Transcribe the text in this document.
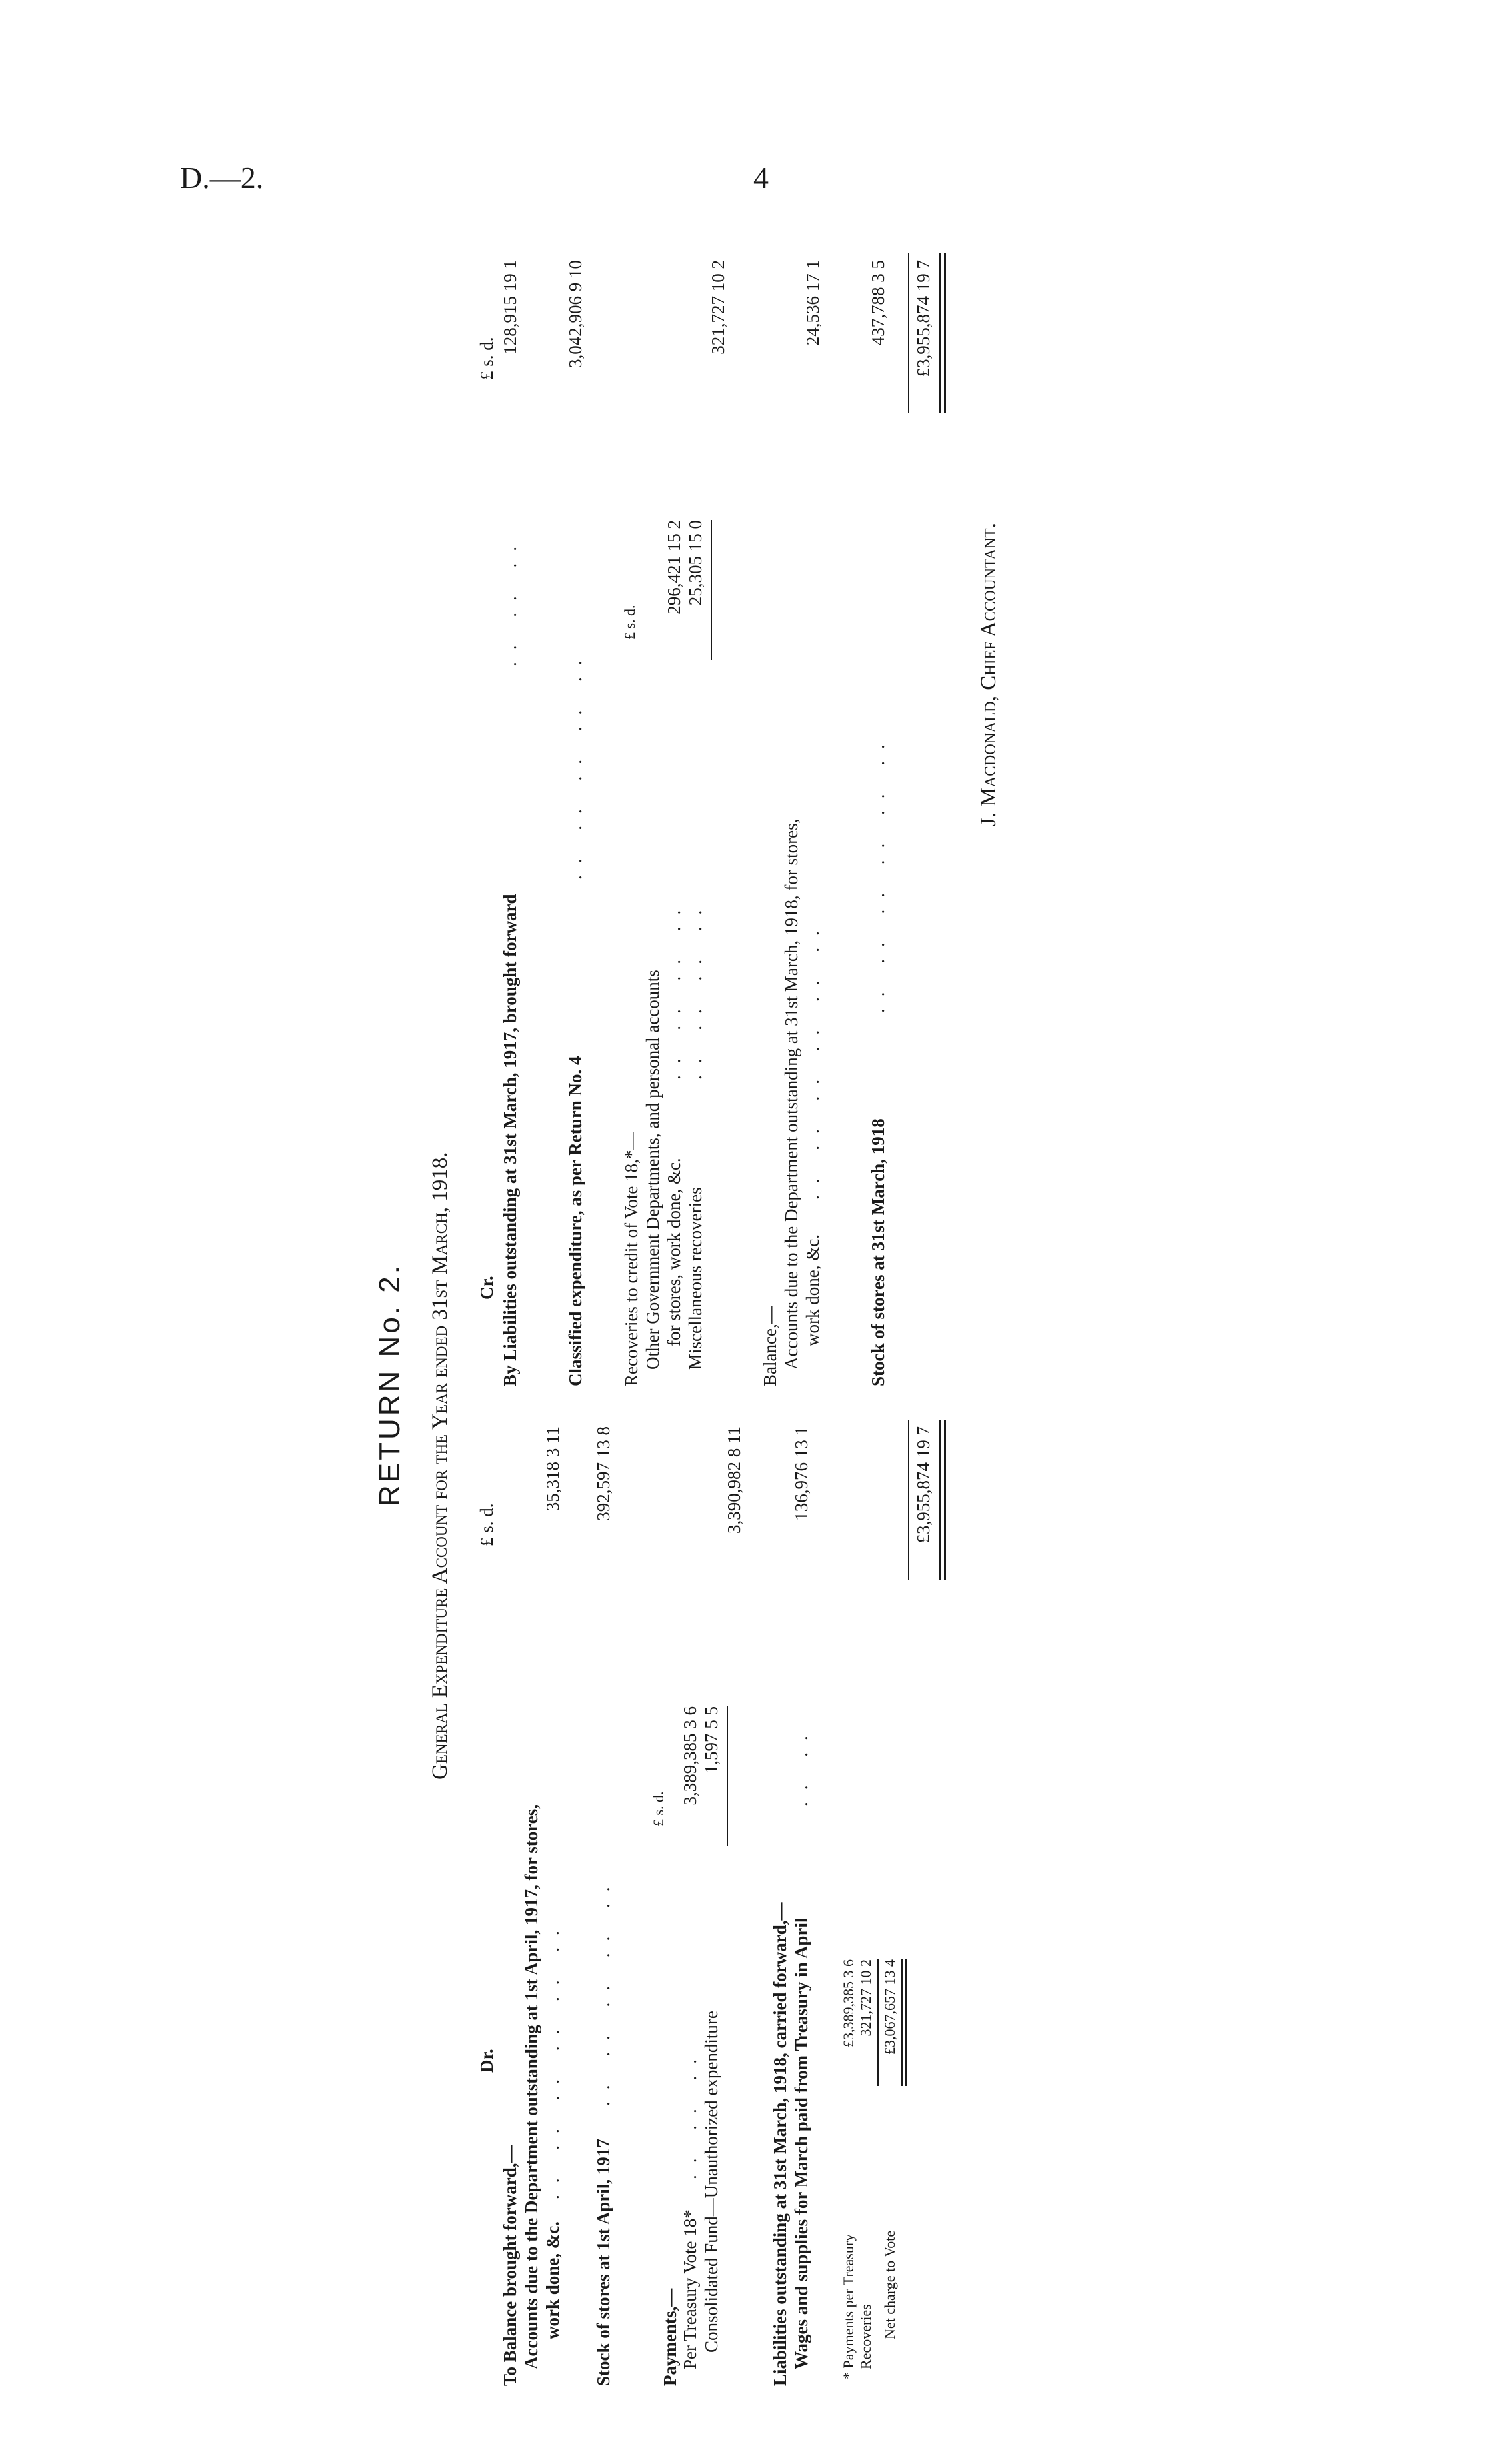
D.—2.	4
RETURN No. 2. General Expenditure Account for the Year ended 31st March, 1918.
Dr.
£ s. d.
To Balance brought forward,— Accounts due to the Department outstanding at 1st April, 1917, for stores, work done, &c.
.. .. .. .. .. ..
35,318 3 11
Stock of stores at 1st April, 1917
.. .. .. .. ..
392,597 13 8
Payments,—
£ s. d.
Per Treasury Vote 18*
.. .. ..
3,389,385 3 6
Consolidated Fund—Unauthorized expenditure
1,597 5 5
3,390,982 8 11
Liabilities outstanding at 31st March, 1918, carried forward,— Wages and supplies for March paid from Treasury in April
.. ..
136,976 13 1
* Payments per Treasury
£3,389,385 3 6
Recoveries
321,727 10 2
Net charge to Vote
£3,067,657 13 4
£3,955,874 19 7
Cr.
£ s. d.
By Liabilities outstanding at 31st March, 1917, brought forward
.. .. ..
128,915 19 1
Classified expenditure, as per Return No. 4
.. .. .. .. ..
3,042,906 9 10
Recoveries to credit of Vote 18,*—
£ s. d.
Other Government Departments, and personal accounts for stores, work done, &c.
.. .. .. ..
296,421 15 2
Miscellaneous recoveries
.. .. .. ..
25,305 15 0
321,727 10 2
Balance,— Accounts due to the Department outstanding at 31st March, 1918, for stores, work done, &c.
.. .. .. .. .. ..
24,536 17 1
Stock of stores at 31st March, 1918
.. .. .. .. .. ..
437,788 3 5 £3,955,874 19 7
J. Macdonald, Chief Accountant.
